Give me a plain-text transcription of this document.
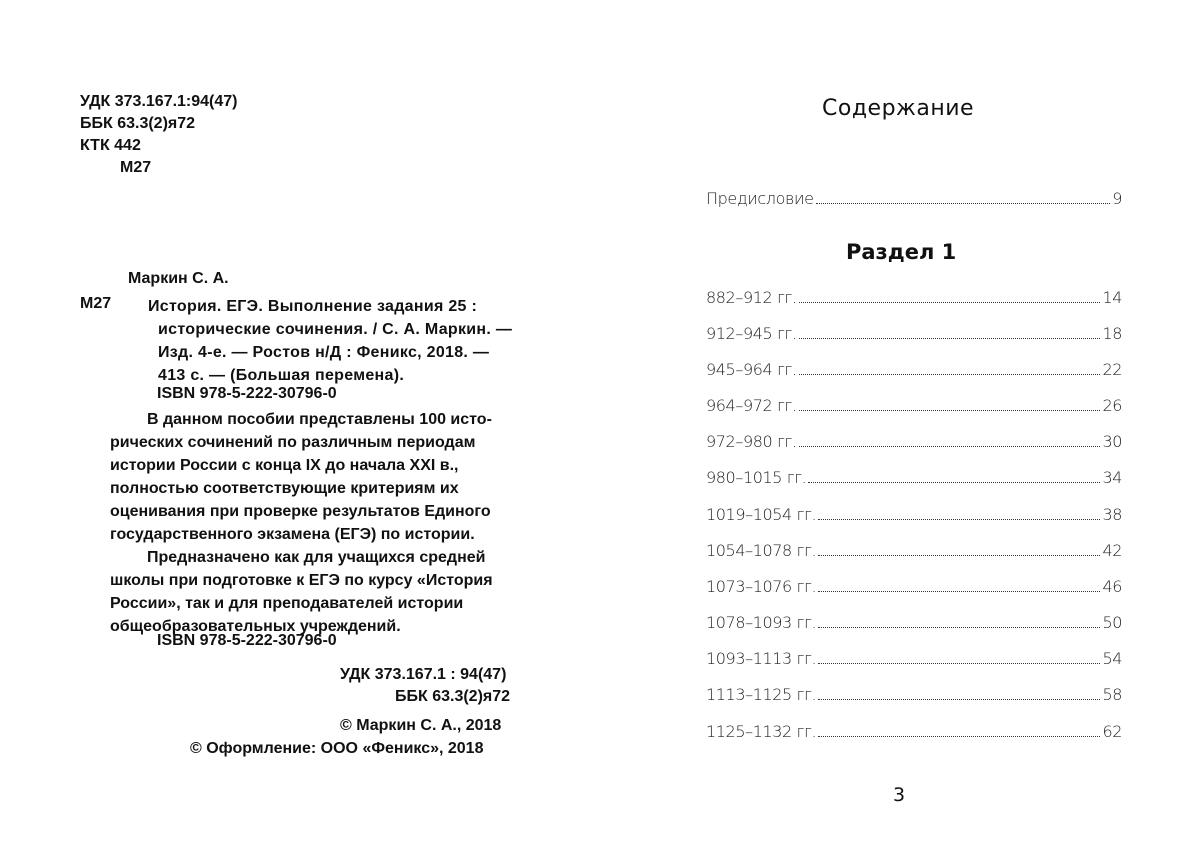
УДК 373.167.1:94(47)
ББК 63.3(2)я72
КТК 442
М27
Маркин С. А.
М27 История. ЕГЭ. Выполнение задания 25 :
исторические сочинения. / С. А. Маркин. —
Изд. 4-е. — Ростов н/Д : Феникс, 2018. —
413 с. — (Большая перемена).
ISBN 978-5-222-30796-0
В данном пособии представлены 100 исто-
рических сочинений по различным периодам
истории России с конца IX до начала XXI в.,
полностью соответствующие критериям их
оценивания при проверке результатов Единого
государственного экзамена (ЕГЭ) по истории.
Предназначено как для учащихся средней
школы при подготовке к ЕГЭ по курсу «История
России», так и для преподавателей истории
общеобразовательных учреждений.
ISBN 978-5-222-30796-0
УДК 373.167.1 : 94(47)
ББК 63.3(2)я72
© Маркин С. А., 2018
© Оформление: ООО «Феникс», 2018
Содержание
Предисловие	9
Раздел 1
882–912 гг.	14
912–945 гг.	18
945–964 гг.	22
964–972 гг.	26
972–980 гг.	30
980–1015 гг.	34
1019–1054 гг.	38
1054–1078 гг.	42
1073–1076 гг.	46
1078–1093 гг.	50
1093–1113 гг.	54
1113–1125 гг.	58
1125–1132 гг.	62
3
